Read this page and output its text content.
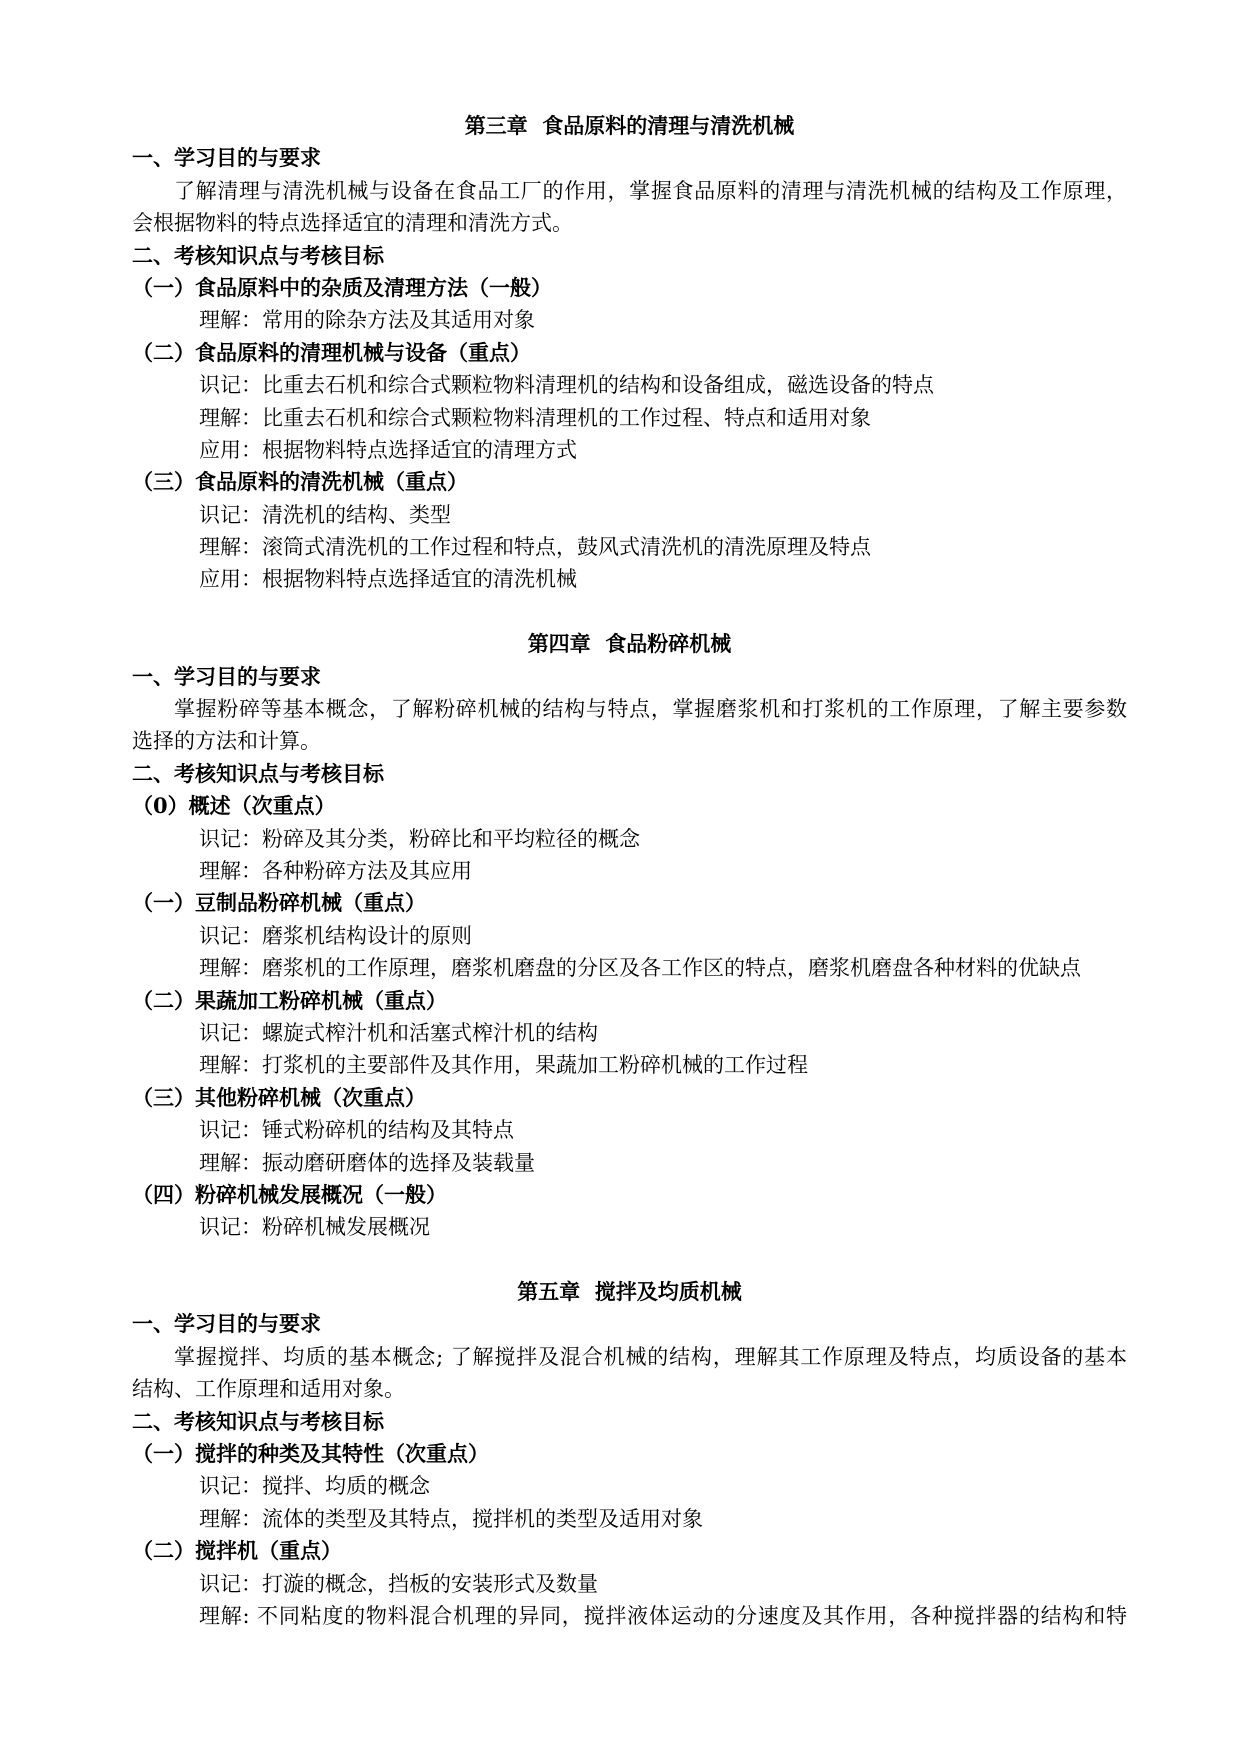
第三章  食品原料的清理与清洗机械
一、学习目的与要求
了解清理与清洗机械与设备在食品工厂的作用，掌握食品原料的清理与清洗机械的结构及工作原理，
会根据物料的特点选择适宜的清理和清洗方式。
二、考核知识点与考核目标
（一）食品原料中的杂质及清理方法（一般）
理解：常用的除杂方法及其适用对象
（二）食品原料的清理机械与设备（重点）
识记：比重去石机和综合式颗粒物料清理机的结构和设备组成，磁选设备的特点
理解：比重去石机和综合式颗粒物料清理机的工作过程、特点和适用对象
应用：根据物料特点选择适宜的清理方式
（三）食品原料的清洗机械（重点）
识记：清洗机的结构、类型
理解：滚筒式清洗机的工作过程和特点，鼓风式清洗机的清洗原理及特点
应用：根据物料特点选择适宜的清洗机械
第四章  食品粉碎机械
一、学习目的与要求
掌握粉碎等基本概念，了解粉碎机械的结构与特点，掌握磨浆机和打浆机的工作原理，了解主要参数
选择的方法和计算。
二、考核知识点与考核目标
（0）概述（次重点）
识记：粉碎及其分类，粉碎比和平均粒径的概念
理解：各种粉碎方法及其应用
（一）豆制品粉碎机械（重点）
识记：磨浆机结构设计的原则
理解：磨浆机的工作原理，磨浆机磨盘的分区及各工作区的特点，磨浆机磨盘各种材料的优缺点
（二）果蔬加工粉碎机械（重点）
识记：螺旋式榨汁机和活塞式榨汁机的结构
理解：打浆机的主要部件及其作用，果蔬加工粉碎机械的工作过程
（三）其他粉碎机械（次重点）
识记：锤式粉碎机的结构及其特点
理解：振动磨研磨体的选择及装载量
（四）粉碎机械发展概况（一般）
识记：粉碎机械发展概况
第五章  搅拌及均质机械
一、学习目的与要求
掌握搅拌、均质的基本概念; 了解搅拌及混合机械的结构，理解其工作原理及特点，均质设备的基本
结构、工作原理和适用对象。
二、考核知识点与考核目标
（一）搅拌的种类及其特性（次重点）
识记：搅拌、均质的概念
理解：流体的类型及其特点，搅拌机的类型及适用对象
（二）搅拌机（重点）
识记：打漩的概念，挡板的安装形式及数量
理解: 不同粘度的物料混合机理的异同，搅拌液体运动的分速度及其作用，各种搅拌器的结构和特
